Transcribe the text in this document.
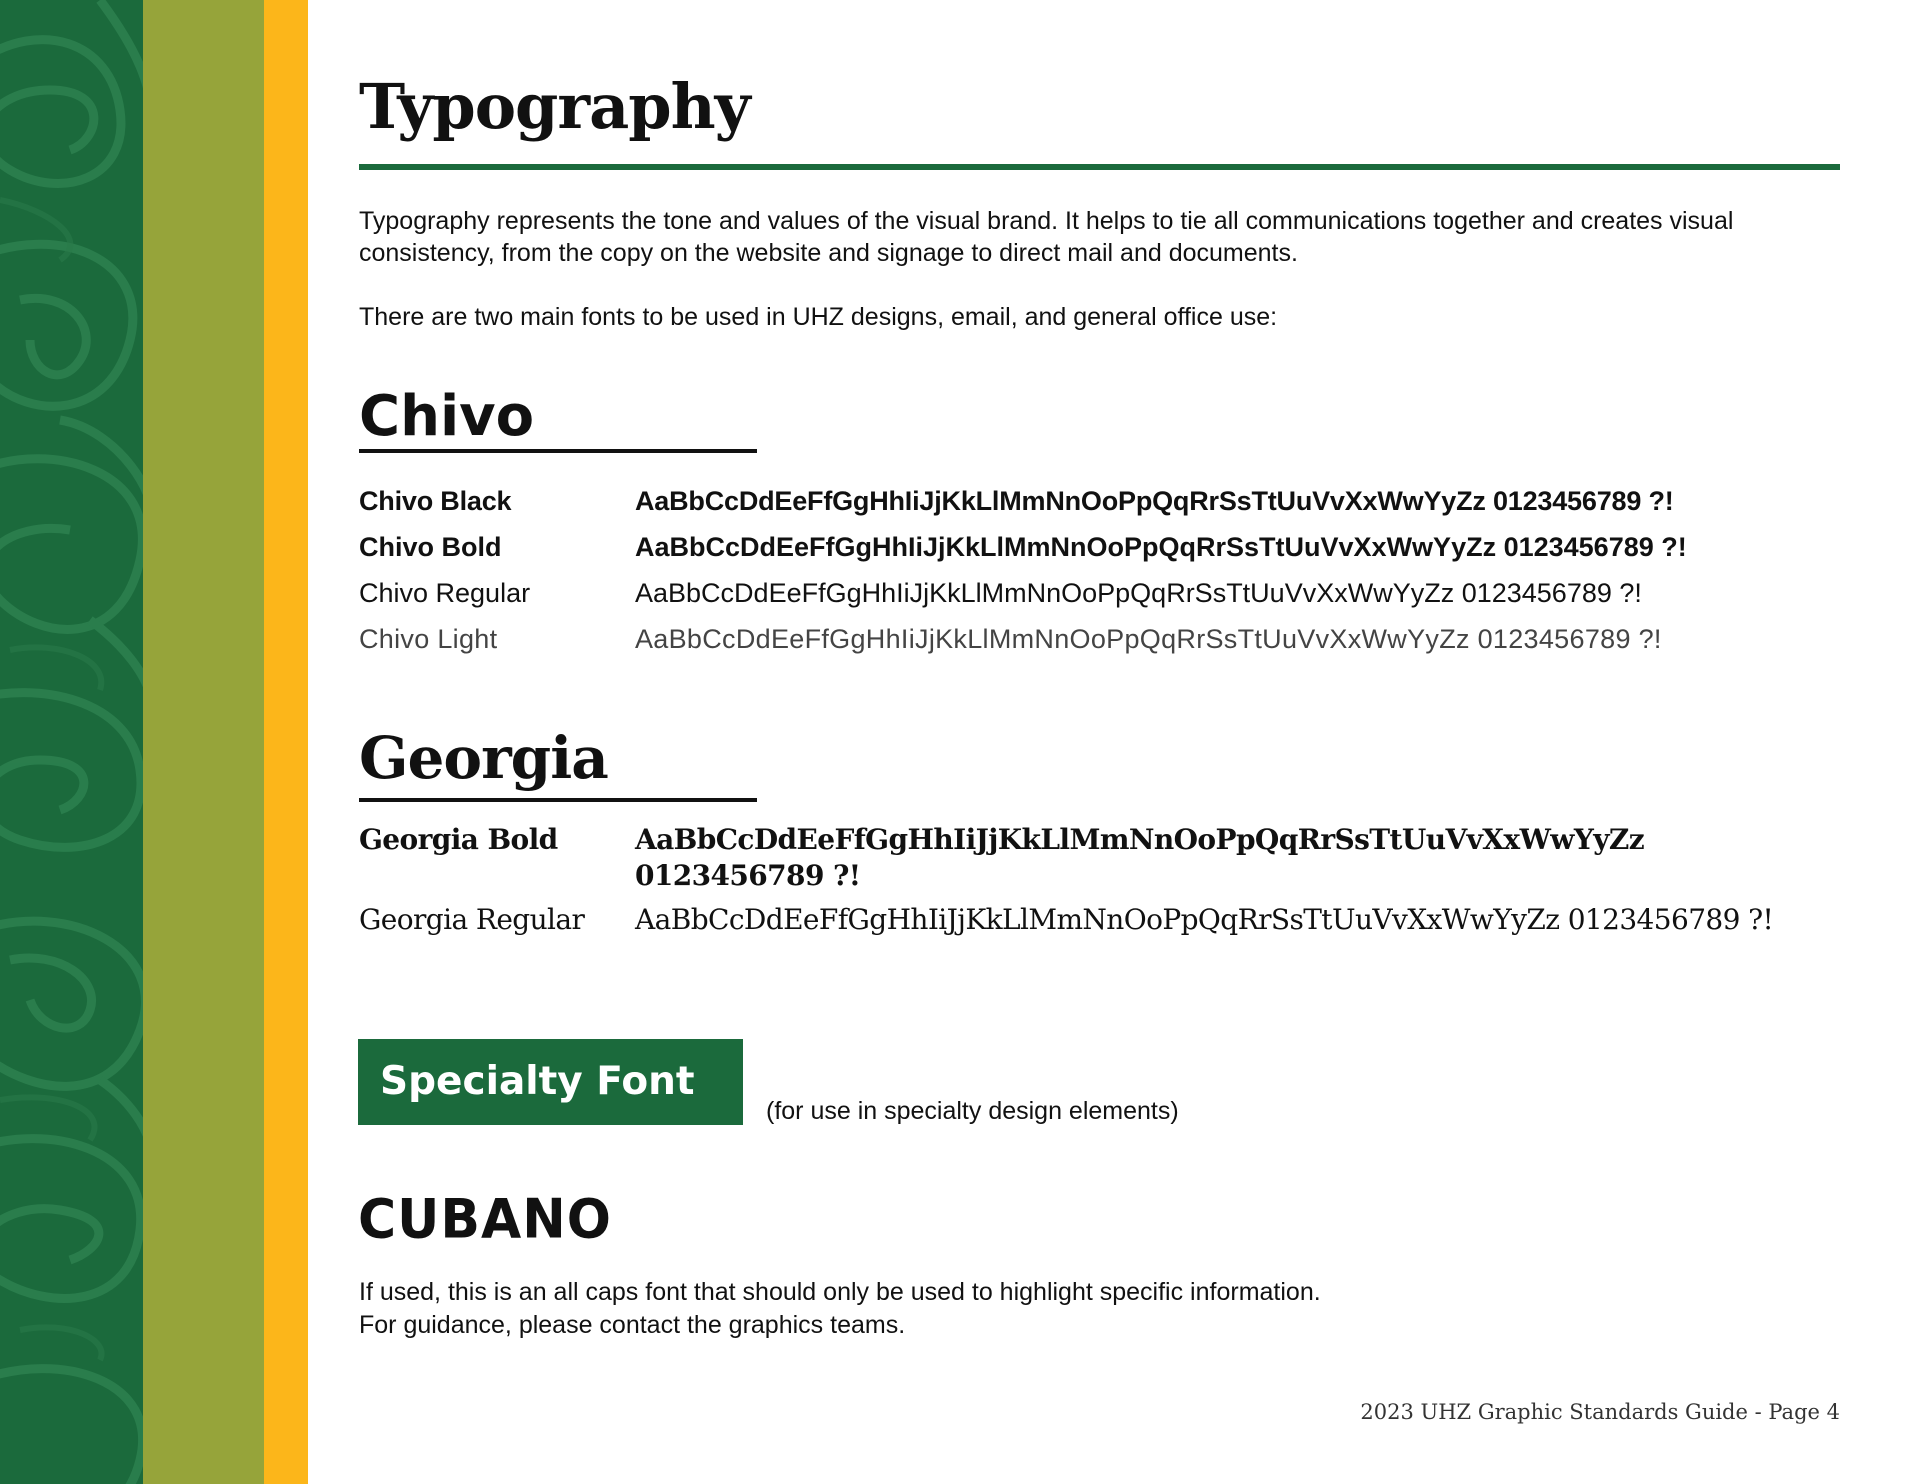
Typography

Typography represents the tone and values of the visual brand. It helps to tie all communications together and creates visual consistency, from the copy on the website and signage to direct mail and documents.

There are two main fonts to be used in UHZ designs, email, and general office use:

Chivo
Chivo Black	AaBbCcDdEeFfGgHhIiJjKkLlMmNnOoPpQqRrSsTtUuVvXxWwYyZz 0123456789 ?!
Chivo Bold	AaBbCcDdEeFfGgHhIiJjKkLlMmNnOoPpQqRrSsTtUuVvXxWwYyZz 0123456789 ?!
Chivo Regular	AaBbCcDdEeFfGgHhIiJjKkLlMmNnOoPpQqRrSsTtUuVvXxWwYyZz 0123456789 ?!
Chivo Light	AaBbCcDdEeFfGgHhIiJjKkLlMmNnOoPpQqRrSsTtUuVvXxWwYyZz 0123456789 ?!
Georgia
Georgia Bold	AaBbCcDdEeFfGgHhIiJjKkLlMmNnOoPpQqRrSsTtUuVvXxWwYyZz 0123456789 ?!
Georgia Regular AaBbCcDdEeFfGgHhIiJjKkLlMmNnOoPpQqRrSsTtUuVvXxWwYyZz 0123456789 ?!

Specialty Font

(for use in specialty design elements)

CUBANO

If used, this is an all caps font that should only be used to highlight specific information.

For guidance, please contact the graphics teams.

2023 UHZ Graphic Standards Guide - Page 4
